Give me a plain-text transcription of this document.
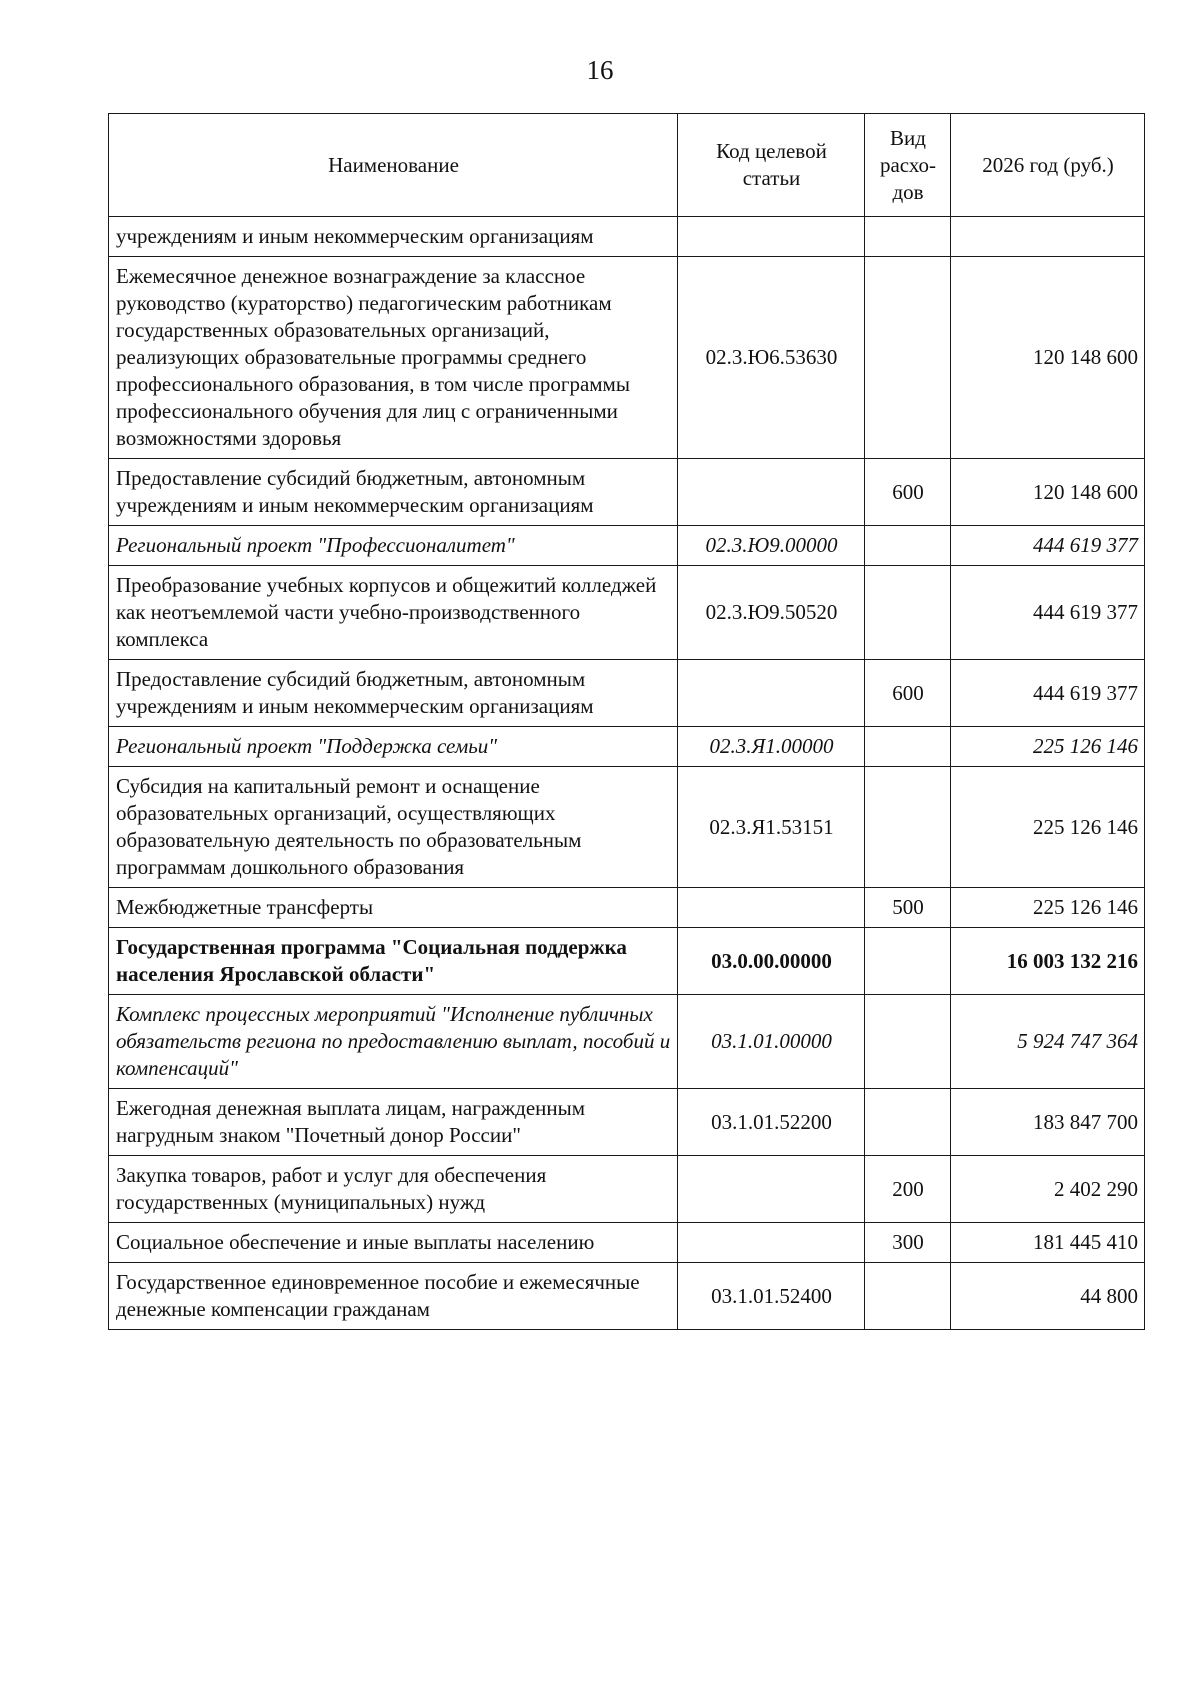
16
Наименование	Код целевой статьи	Вид расхо-дов	2026 год (руб.)
учреждениям и иным некоммерческим организациям			
Ежемесячное денежное вознаграждение за классное руководство (кураторство) педагогическим работникам государственных образовательных организаций, реализующих образовательные программы среднего профессионального образования, в том числе программы профессионального обучения для лиц с ограниченными возможностями здоровья	02.3.Ю6.53630		120 148 600
Предоставление субсидий бюджетным, автономным учреждениям и иным некоммерческим организациям		600	120 148 600
Региональный проект "Профессионалитет"	02.3.Ю9.00000		444 619 377
Преобразование учебных корпусов и общежитий колледжей как неотъемлемой части учебно-производственного комплекса	02.3.Ю9.50520		444 619 377
Предоставление субсидий бюджетным, автономным учреждениям и иным некоммерческим организациям		600	444 619 377
Региональный проект "Поддержка семьи"	02.3.Я1.00000		225 126 146
Субсидия на капитальный ремонт и оснащение образовательных организаций, осуществляющих образовательную деятельность по образовательным программам дошкольного образования	02.3.Я1.53151		225 126 146
Межбюджетные трансферты		500	225 126 146
Государственная программа "Социальная поддержка населения Ярославской области"	03.0.00.00000		16 003 132 216
Комплекс процессных мероприятий "Исполнение публичных обязательств региона по предоставлению выплат, пособий и компенсаций"	03.1.01.00000		5 924 747 364
Ежегодная денежная выплата лицам, награжденным нагрудным знаком "Почетный донор России"	03.1.01.52200		183 847 700
Закупка товаров, работ и услуг для обеспечения государственных (муниципальных) нужд		200	2 402 290
Социальное обеспечение и иные выплаты населению		300	181 445 410
Государственное единовременное пособие и ежемесячные денежные компенсации гражданам	03.1.01.52400		44 800
